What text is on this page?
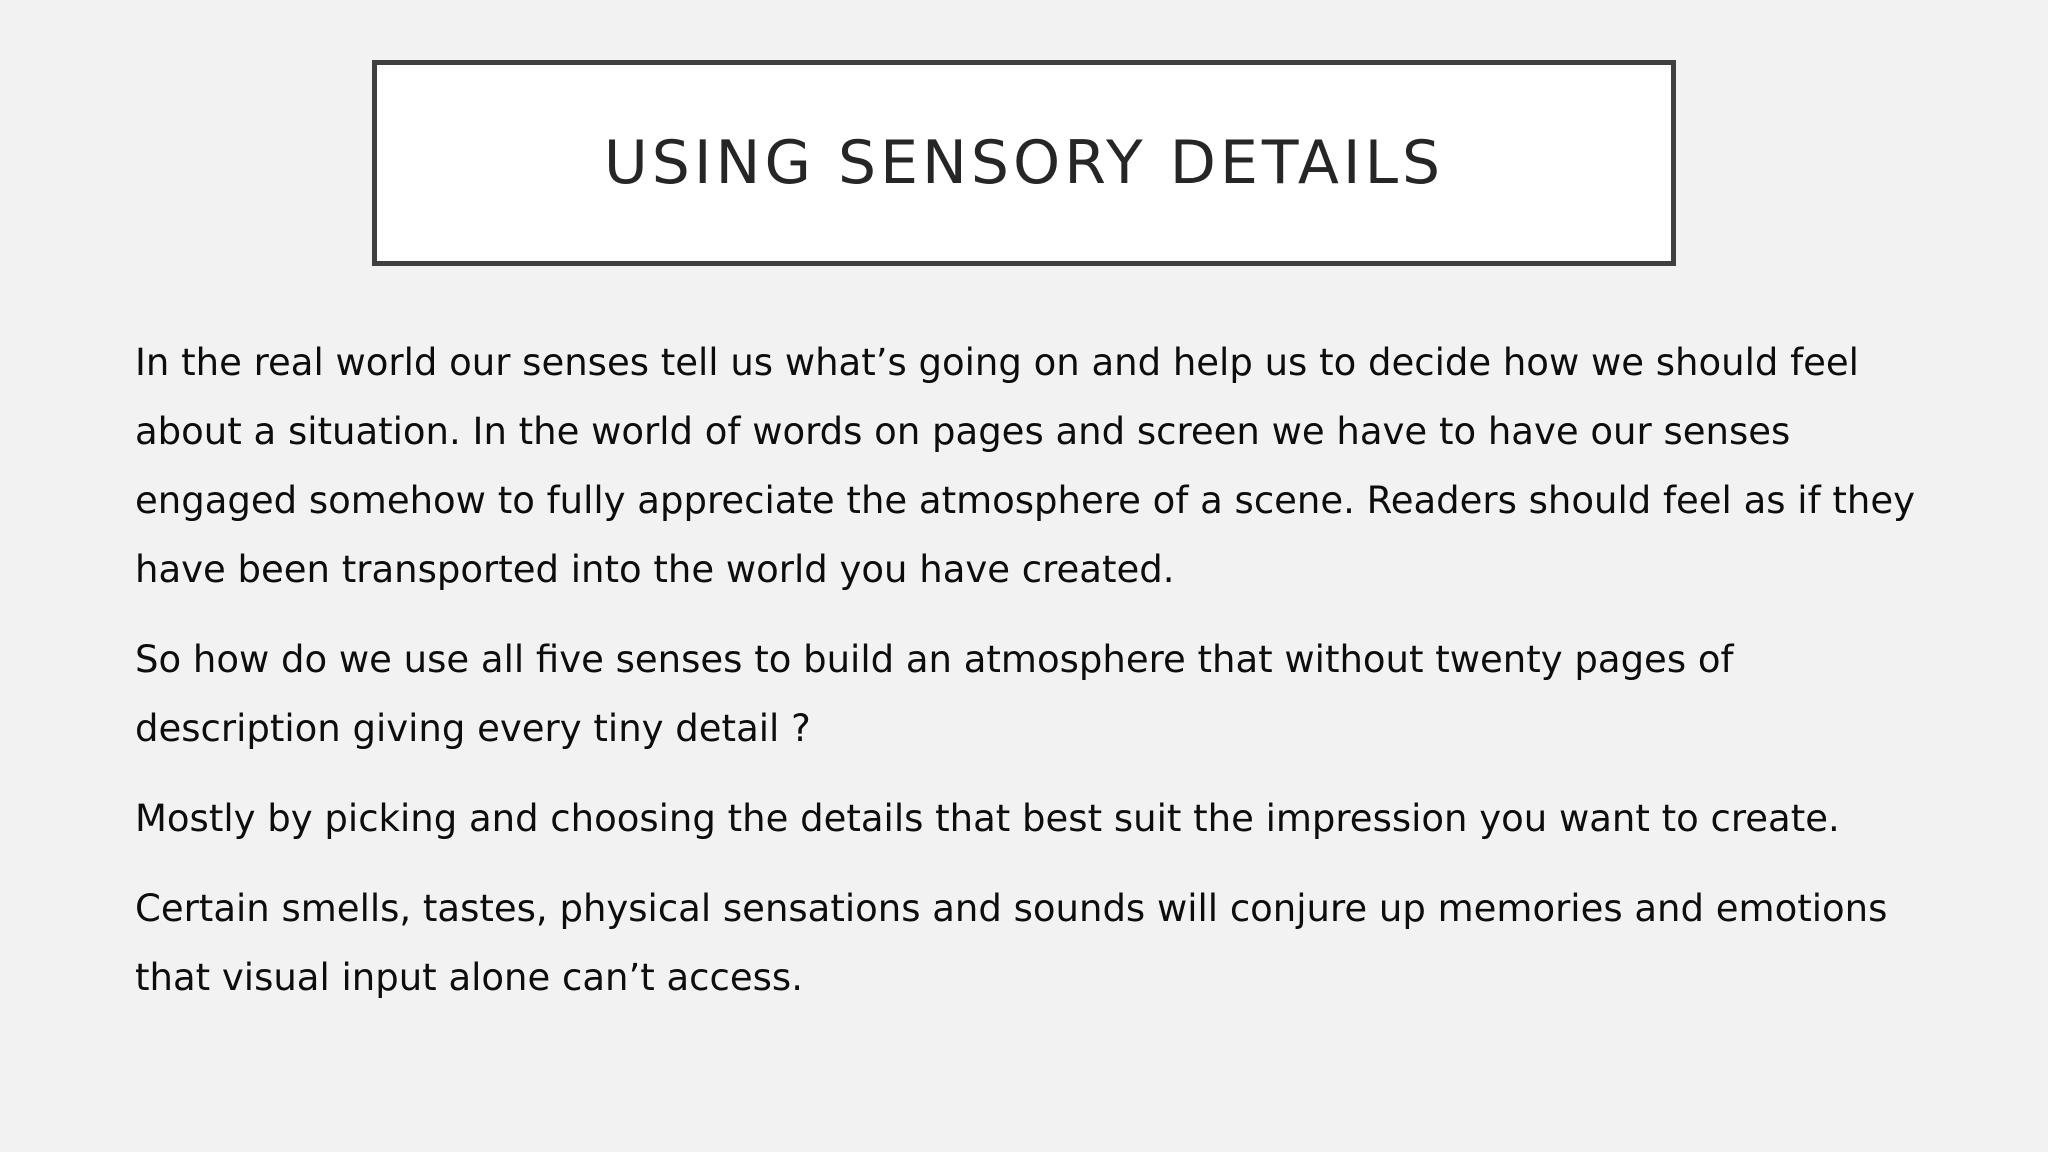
USING SENSORY DETAILS

In the real world our senses tell us what’s going on and help us to decide how we should feel about a situation. In the world of words on pages and screen we have to have our senses engaged somehow to fully appreciate the atmosphere of a scene. Readers should feel as if they have been transported into the world you have created.

So how do we use all five senses to build an atmosphere that without twenty pages of description giving every tiny detail ?

Mostly by picking and choosing the details that best suit the impression you want to create.

Certain smells, tastes, physical sensations and sounds will conjure up memories and emotions that visual input alone can’t access.
